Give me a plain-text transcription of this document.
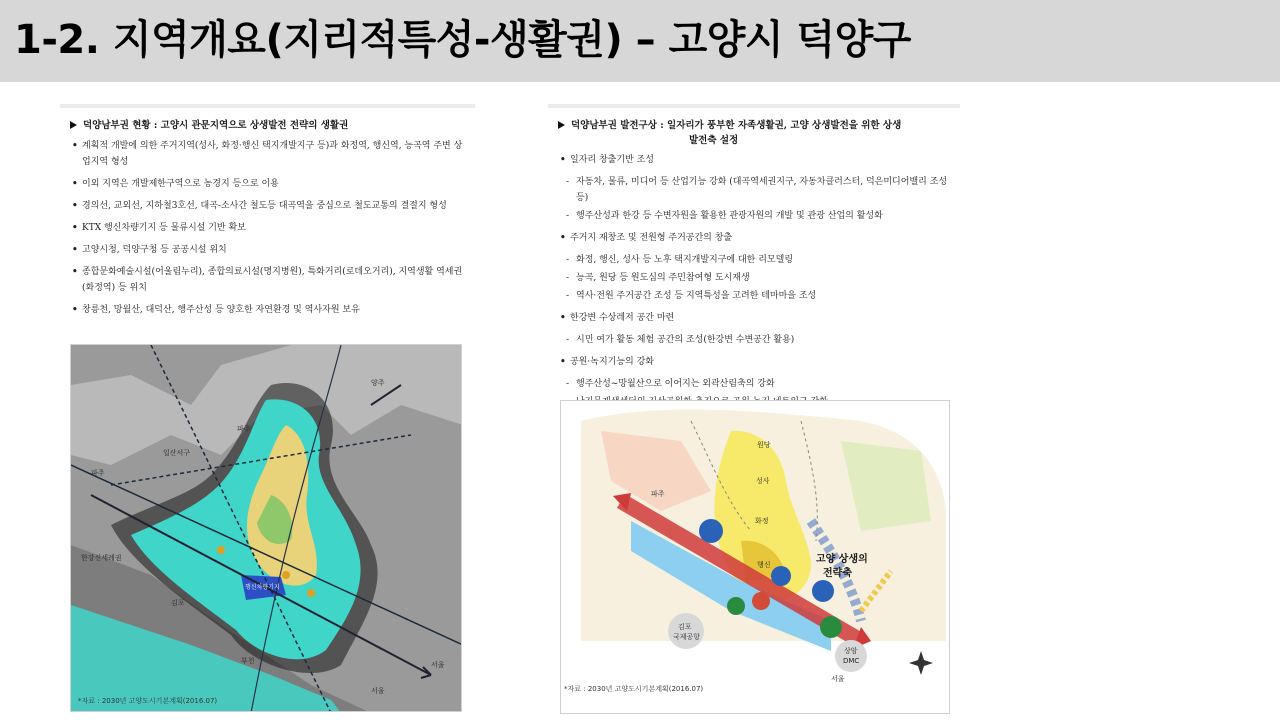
1-2. 지역개요(지리적특성-생활권) – 고양시 덕양구
덕양남부권 현황 : 고양시 관문지역으로 상생발전 전략의 생활권
• 계획적 개발에 의한 주거지역(성사, 화정·행신 택지개발지구 등)과 화정역, 행신역, 능곡역 주변 상업지역 형성
• 이외 지역은 개발제한구역으로 농경지 등으로 이용
• 경의선, 교외선, 지하철3호선, 대곡-소사간 철도등 대곡역을 중심으로 철도교통의 결절지 형성
• KTX 행신차량기지 등 물류시설 기반 확보
• 고양시청, 덕양구청 등 공공시설 위치
• 종합문화예술시설(어울림누리), 종합의료시설(명지병원), 특화거리(로데오거리), 지역생활 역세권(화정역) 등 위치
• 창릉천, 망월산, 대덕산, 행주산성 등 양호한 자연환경 및 역사자원 보유
일산서구
파주
파주
양주
한강신세례권
김포
부천	서울
서울
행신차량기지
*자료 : 2030년 고양도시기본계획(2016.07)
덕양남부권 발전구상 : 일자리가 풍부한 자족생활권, 고양 상생발전을 위한 상생
발전축 설정
• 일자리 창출기반 조성
- 자동차, 물류, 미디어 등 산업기능 강화 (대곡역세권지구, 자동차클러스터, 덕은미디어밸리 조성 등)
- 행주산성과 한강 등 수변자원을 활용한 관광자원의 개발 및 관광 산업의 활성화
• 주거지 재창조 및 전원형 주거공간의 창출
- 화정, 행신, 성사 등 노후 택지개발지구에 대한 리모델링
- 능곡, 원당 등 원도심의 주민참여형 도시재생
- 역사·전원 주거공간 조성 등 지역특성을 고려한 테마마을 조성
• 한강변 수상레저 공간 마련
- 시민 여가 활동 체험 공간의 조성(한강변 수변공간 활용)
• 공원·녹지기능의 강화
- 행주산성~망월산으로 이어지는 외곽산림축의 강화
파주
원당
성사
화정
행신	고양 상생의
전략축
김포
국제공항
상암
DMC
서울
*자료 : 2030년 고양도시기본계획(2016.07)
